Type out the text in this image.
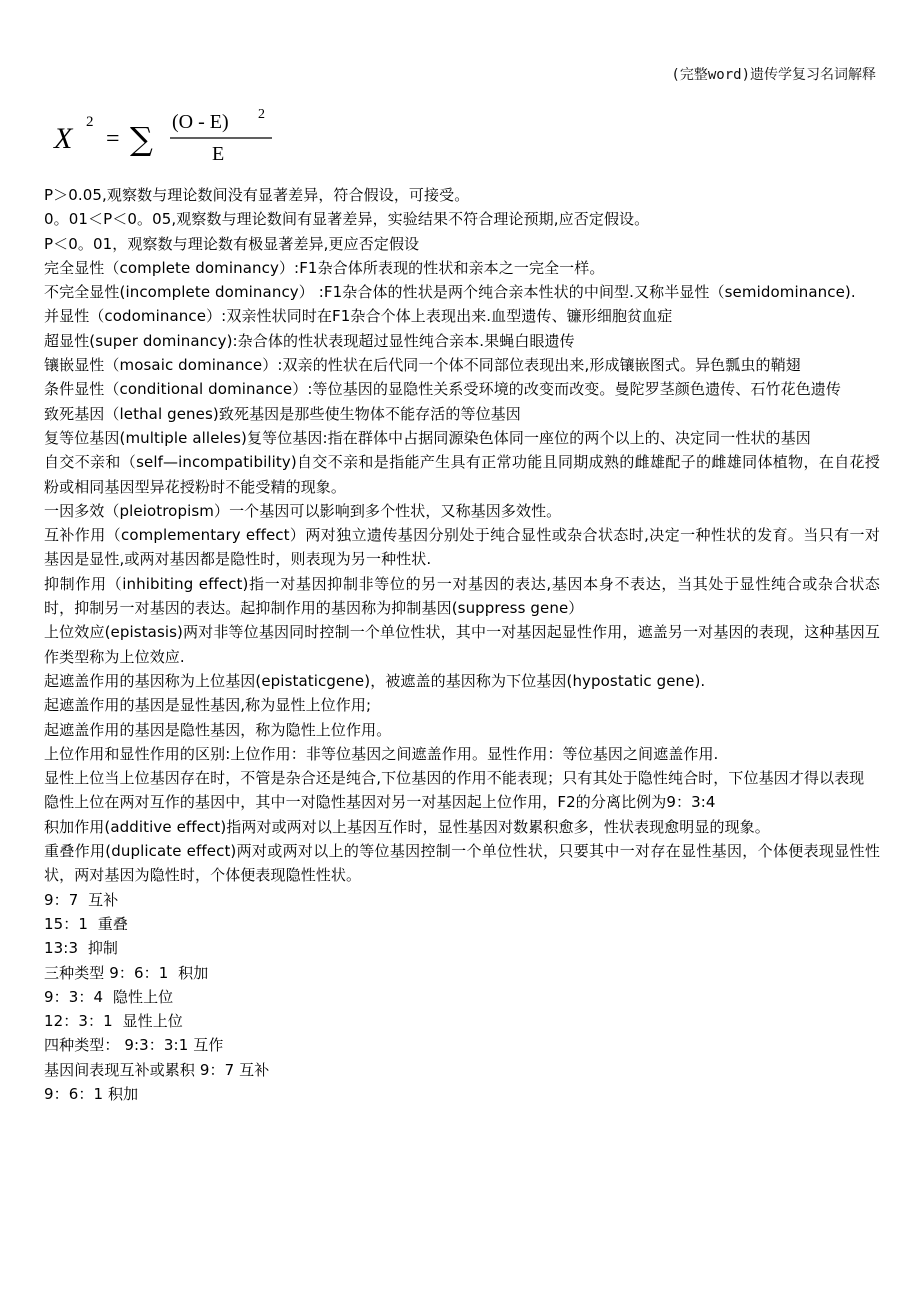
(完整word)遗传学复习名词解释
X 2
= ∑ (O - E) 2
E

P＞0.05,观察数与理论数间没有显著差异，符合假设，可接受。

0。01＜P＜0。05,观察数与理论数间有显著差异，实验结果不符合理论预期,应否定假设。

P＜0。01，观察数与理论数有极显著差异,更应否定假设

完全显性（complete dominancy）:F1杂合体所表现的性状和亲本之一完全一样。

不完全显性(incomplete dominancy） :F1杂合体的性状是两个纯合亲本性状的中间型.又称半显性（semidominance).

并显性（codominance）:双亲性状同时在F1杂合个体上表现出来.血型遗传、镰形细胞贫血症

超显性(super dominancy):杂合体的性状表现超过显性纯合亲本.果蝇白眼遗传

镶嵌显性（mosaic dominance）:双亲的性状在后代同一个体不同部位表现出来,形成镶嵌图式。异色瓢虫的鞘翅

条件显性（conditional dominance）:等位基因的显隐性关系受环境的改变而改变。曼陀罗茎颜色遗传、石竹花色遗传

致死基因（lethal genes)致死基因是那些使生物体不能存活的等位基因

复等位基因(multiple alleles)复等位基因:指在群体中占据同源染色体同一座位的两个以上的、决定同一性状的基因

自交不亲和（self—incompatibility)自交不亲和是指能产生具有正常功能且同期成熟的雌雄配子的雌雄同体植物，在自花授粉或相同基因型异花授粉时不能受精的现象。

一因多效（pleiotropism）一个基因可以影响到多个性状，又称基因多效性。

互补作用（complementary effect）两对独立遗传基因分别处于纯合显性或杂合状态时,决定一种性状的发育。当只有一对基因是显性,或两对基因都是隐性时，则表现为另一种性状.

抑制作用（inhibiting effect)指一对基因抑制非等位的另一对基因的表达,基因本身不表达，当其处于显性纯合或杂合状态时，抑制另一对基因的表达。起抑制作用的基因称为抑制基因(suppress gene）

上位效应(epistasis)两对非等位基因同时控制一个单位性状，其中一对基因起显性作用，遮盖另一对基因的表现，这种基因互作类型称为上位效应.

起遮盖作用的基因称为上位基因(epistaticgene)，被遮盖的基因称为下位基因(hypostatic gene).

起遮盖作用的基因是显性基因,称为显性上位作用;

起遮盖作用的基因是隐性基因，称为隐性上位作用。

上位作用和显性作用的区别:上位作用：非等位基因之间遮盖作用。显性作用：等位基因之间遮盖作用.

显性上位当上位基因存在时，不管是杂合还是纯合,下位基因的作用不能表现；只有其处于隐性纯合时，下位基因才得以表现

隐性上位在两对互作的基因中，其中一对隐性基因对另一对基因起上位作用，F2的分离比例为9：3:4

积加作用(additive effect)指两对或两对以上基因互作时，显性基因对数累积愈多，性状表现愈明显的现象。

重叠作用(duplicate effect)两对或两对以上的等位基因控制一个单位性状，只要其中一对存在显性基因，个体便表现显性性状，两对基因为隐性时，个体便表现隐性性状。

9：7  互补

15：1  重叠

13:3  抑制

三种类型 9：6：1  积加

9：3：4  隐性上位

12：3：1  显性上位

四种类型： 9:3：3:1 互作

基因间表现互补或累积 9：7 互补

9：6：1 积加
